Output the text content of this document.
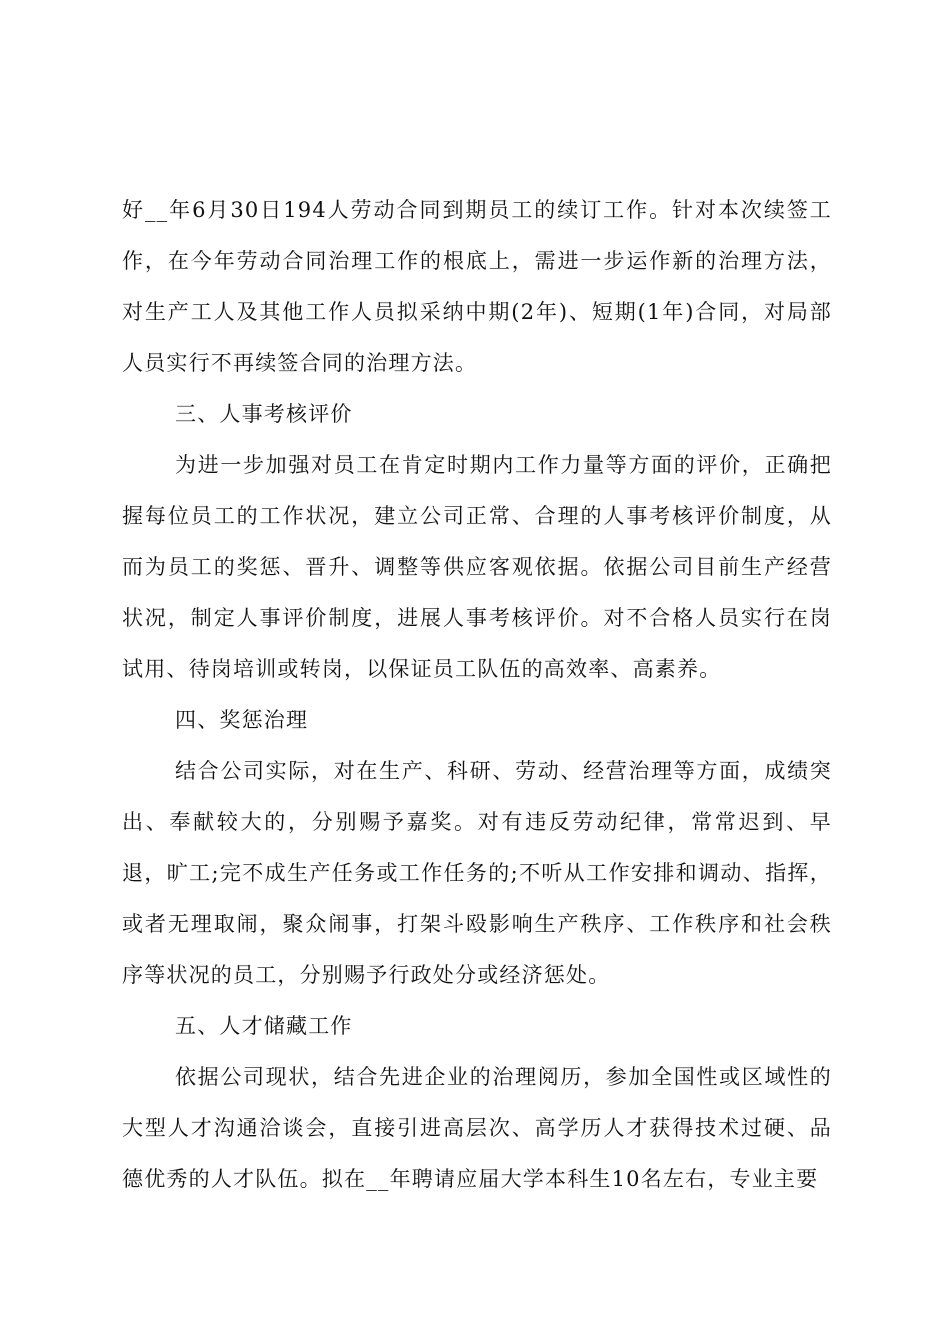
好__年6月30日194人劳动合同到期员工的续订工作。针对本次续签工作，在今年劳动合同治理工作的根底上，需进一步运作新的治理方法，对生产工人及其他工作人员拟采纳中期(2年)、短期(1年)合同，对局部人员实行不再续签合同的治理方法。

三、人事考核评价

为进一步加强对员工在肯定时期内工作力量等方面的评价，正确把握每位员工的工作状况，建立公司正常、合理的人事考核评价制度，从而为员工的奖惩、晋升、调整等供应客观依据。依据公司目前生产经营状况，制定人事评价制度，进展人事考核评价。对不合格人员实行在岗试用、待岗培训或转岗，以保证员工队伍的高效率、高素养。

四、奖惩治理

结合公司实际，对在生产、科研、劳动、经营治理等方面，成绩突出、奉献较大的，分别赐予嘉奖。对有违反劳动纪律，常常迟到、早退，旷工;完不成生产任务或工作任务的;不听从工作安排和调动、指挥，或者无理取闹，聚众闹事，打架斗殴影响生产秩序、工作秩序和社会秩序等状况的员工，分别赐予行政处分或经济惩处。

五、人才储藏工作

依据公司现状，结合先进企业的治理阅历，参加全国性或区域性的大型人才沟通洽谈会，直接引进高层次、高学历人才获得技术过硬、品德优秀的人才队伍。拟在__年聘请应届大学本科生10名左右，专业主要
